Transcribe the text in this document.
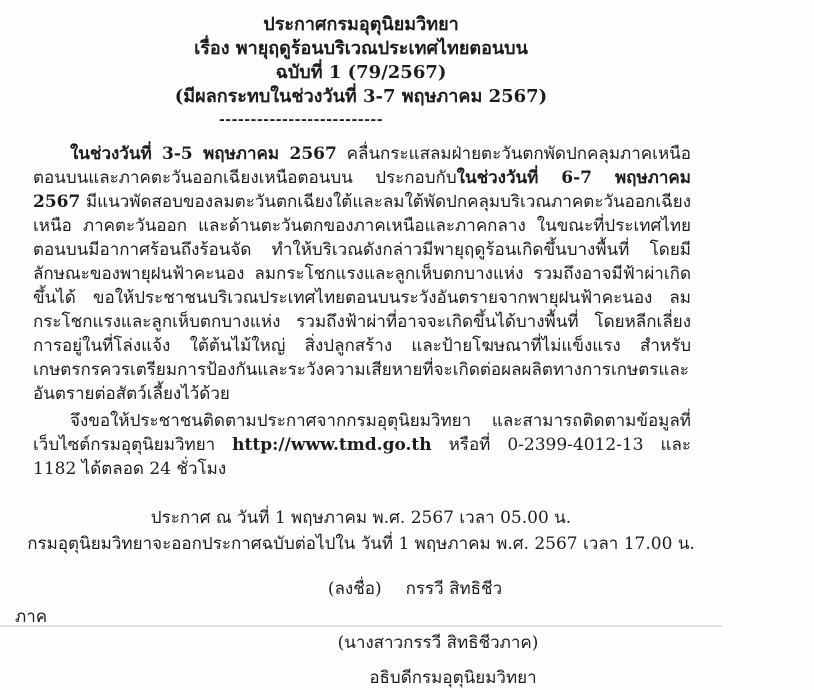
ประกาศกรมอุตุนิยมวิทยา
เรื่อง พายุฤดูร้อนบริเวณประเทศไทยตอนบน
ฉบับที่ 1 (79/2567)
(มีผลกระทบในช่วงวันที่ 3-7 พฤษภาคม 2567)
--------------------------

ในช่วงวันที่ 3-5 พฤษภาคม 2567 คลื่นกระแสลมฝ่ายตะวันตกพัดปกคลุมภาคเหนือตอนบนและภาคตะวันออกเฉียงเหนือตอนบน ประกอบกับในช่วงวันที่ 6-7 พฤษภาคม 2567 มีแนวพัดสอบของลมตะวันตกเฉียงใต้และลมใต้พัดปกคลุมบริเวณภาคตะวันออกเฉียงเหนือ ภาคตะวันออก และด้านตะวันตกของภาคเหนือและภาคกลาง ในขณะที่ประเทศไทยตอนบนมีอากาศร้อนถึงร้อนจัด ทำให้บริเวณดังกล่าวมีพายุฤดูร้อนเกิดขึ้นบางพื้นที่ โดยมีลักษณะของพายุฝนฟ้าคะนอง ลมกระโชกแรงและลูกเห็บตกบางแห่ง รวมถึงอาจมีฟ้าผ่าเกิดขึ้นได้ ขอให้ประชาชนบริเวณประเทศไทยตอนบนระวังอันตรายจากพายุฝนฟ้าคะนอง ลมกระโชกแรงและลูกเห็บตกบางแห่ง รวมถึงฟ้าผ่าที่อาจจะเกิดขึ้นได้บางพื้นที่ โดยหลีกเลี่ยงการอยู่ในที่โล่งแจ้ง ใต้ต้นไม้ใหญ่ สิ่งปลูกสร้าง และป้ายโฆษณาที่ไม่แข็งแรง สำหรับเกษตรกรควรเตรียมการป้องกันและระวังความเสียหายที่จะเกิดต่อผลผลิตทางการเกษตรและอันตรายต่อสัตว์เลี้ยงไว้ด้วย

จึงขอให้ประชาชนติดตามประกาศจากกรมอุตุนิยมวิทยา และสามารถติดตามข้อมูลที่เว็บไซต์กรมอุตุนิยมวิทยา http://www.tmd.go.th หรือที่ 0-2399-4012-13 และ 1182 ได้ตลอด 24 ชั่วโมง

ประกาศ ณ วันที่ 1 พฤษภาคม พ.ศ. 2567 เวลา 05.00 น.
กรมอุตุนิยมวิทยาจะออกประกาศฉบับต่อไปใน วันที่ 1 พฤษภาคม พ.ศ. 2567 เวลา 17.00 น.
(ลงชื่อ) กรรวี สิทธิชีว
ภาค
(นางสาวกรรวี สิทธิชีวภาค)
อธิบดีกรมอุตุนิยมวิทยา
